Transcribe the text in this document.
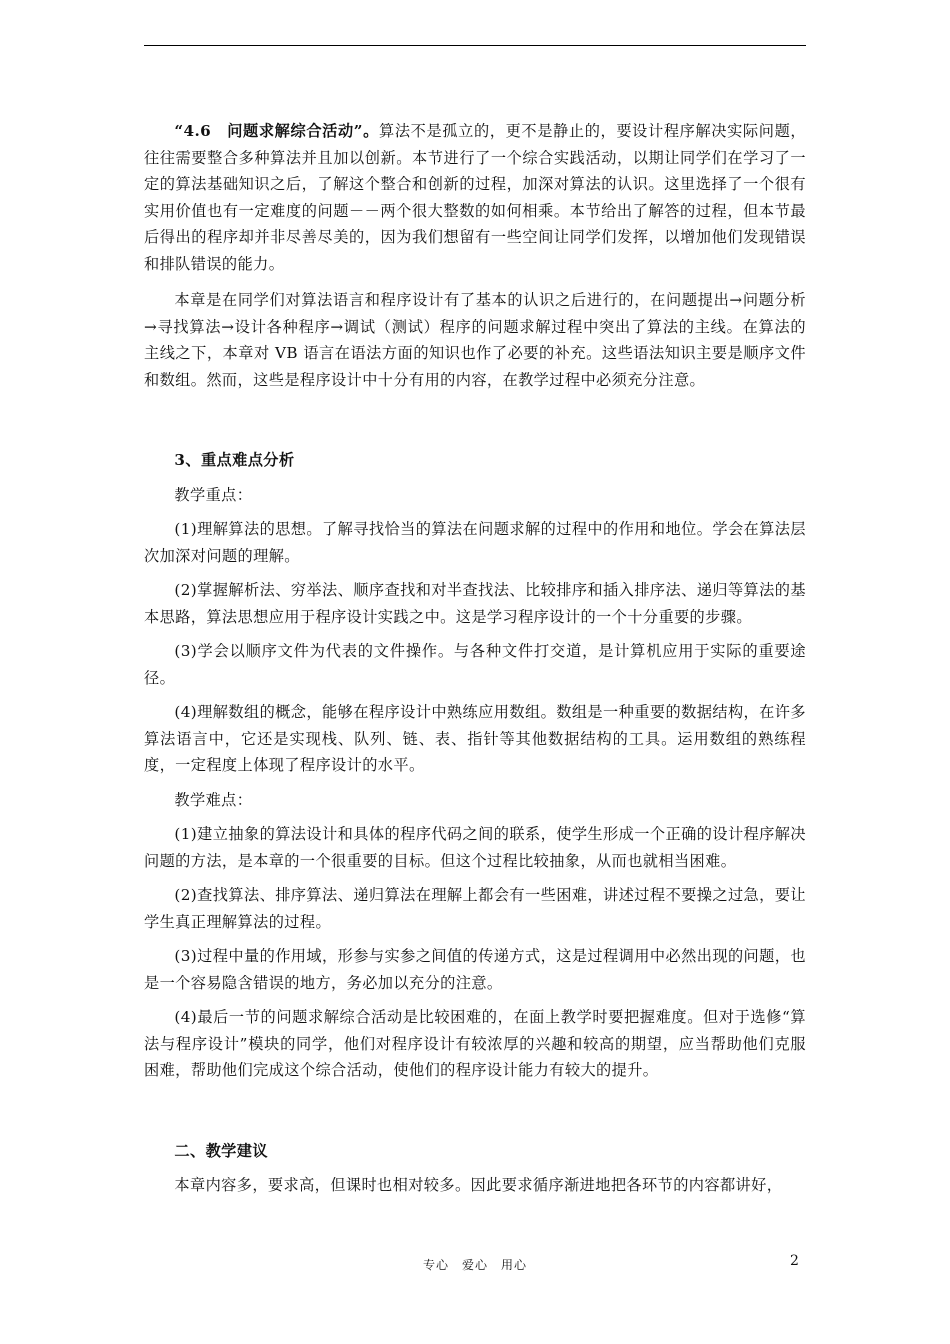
“4.6　问题求解综合活动”。算法不是孤立的，更不是静止的，要设计程序解决实际问题，往往需要整合多种算法并且加以创新。本节进行了一个综合实践活动，以期让同学们在学习了一定的算法基础知识之后，了解这个整合和创新的过程，加深对算法的认识。这里选择了一个很有实用价值也有一定难度的问题－－两个很大整数的如何相乘。本节给出了解答的过程，但本节最后得出的程序却并非尽善尽美的，因为我们想留有一些空间让同学们发挥，以增加他们发现错误和排队错误的能力。

本章是在同学们对算法语言和程序设计有了基本的认识之后进行的，在问题提出→问题分析→寻找算法→设计各种程序→调试（测试）程序的问题求解过程中突出了算法的主线。在算法的主线之下，本章对 VB 语言在语法方面的知识也作了必要的补充。这些语法知识主要是顺序文件和数组。然而，这些是程序设计中十分有用的内容，在教学过程中必须充分注意。

3、重点难点分析

教学重点：

(1)理解算法的思想。了解寻找恰当的算法在问题求解的过程中的作用和地位。学会在算法层次加深对问题的理解。

(2)掌握解析法、穷举法、顺序查找和对半查找法、比较排序和插入排序法、递归等算法的基本思路，算法思想应用于程序设计实践之中。这是学习程序设计的一个十分重要的步骤。

(3)学会以顺序文件为代表的文件操作。与各种文件打交道，是计算机应用于实际的重要途径。

(4)理解数组的概念，能够在程序设计中熟练应用数组。数组是一种重要的数据结构，在许多算法语言中，它还是实现栈、队列、链、表、指针等其他数据结构的工具。运用数组的熟练程度，一定程度上体现了程序设计的水平。

教学难点：

(1)建立抽象的算法设计和具体的程序代码之间的联系，使学生形成一个正确的设计程序解决问题的方法，是本章的一个很重要的目标。但这个过程比较抽象，从而也就相当困难。

(2)查找算法、排序算法、递归算法在理解上都会有一些困难，讲述过程不要操之过急，要让学生真正理解算法的过程。

(3)过程中量的作用域，形参与实参之间值的传递方式，这是过程调用中必然出现的问题，也是一个容易隐含错误的地方，务必加以充分的注意。

(4)最后一节的问题求解综合活动是比较困难的，在面上教学时要把握难度。但对于选修“算法与程序设计”模块的同学，他们对程序设计有较浓厚的兴趣和较高的期望，应当帮助他们克服困难，帮助他们完成这个综合活动，使他们的程序设计能力有较大的提升。

二、教学建议

本章内容多，要求高，但课时也相对较多。因此要求循序渐进地把各环节的内容都讲好，

专心　爱心　用心	2
